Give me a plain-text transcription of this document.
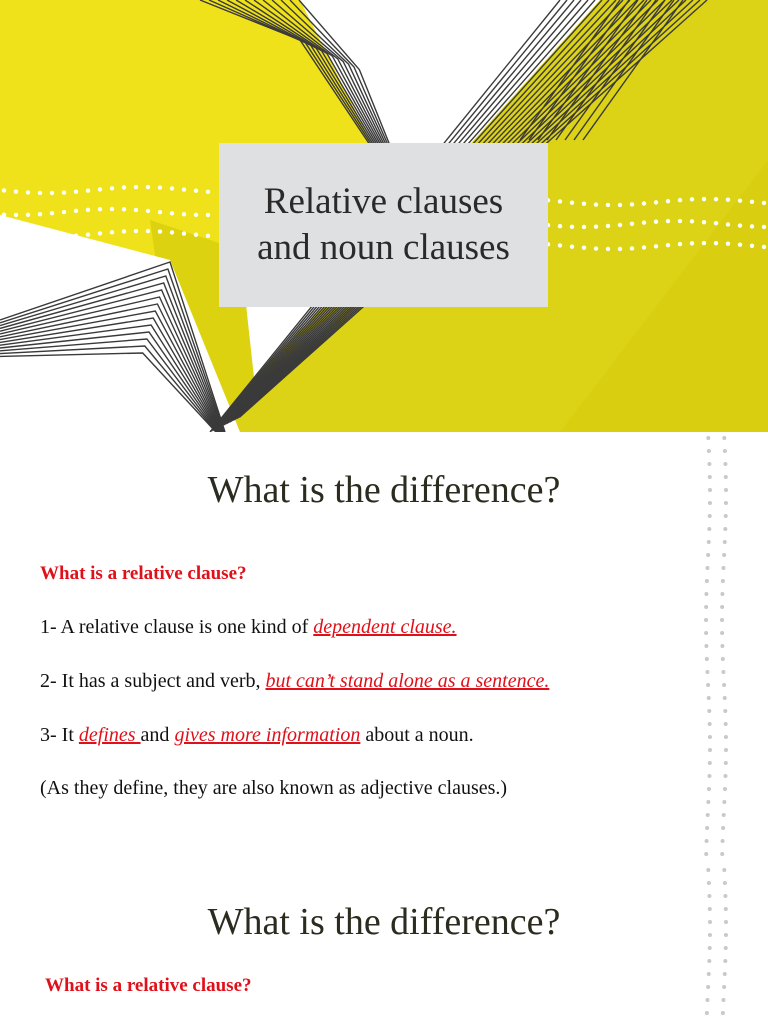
Relative clauses
and noun clauses
What is the difference?
What is a relative clause?
1- A relative clause is one kind of dependent clause.
2- It has a subject and verb, but can’t stand alone as a sentence.
3- It defines and gives more information about a noun.
(As they define, they are also known as adjective clauses.)
What is the difference?
What is a relative clause?
